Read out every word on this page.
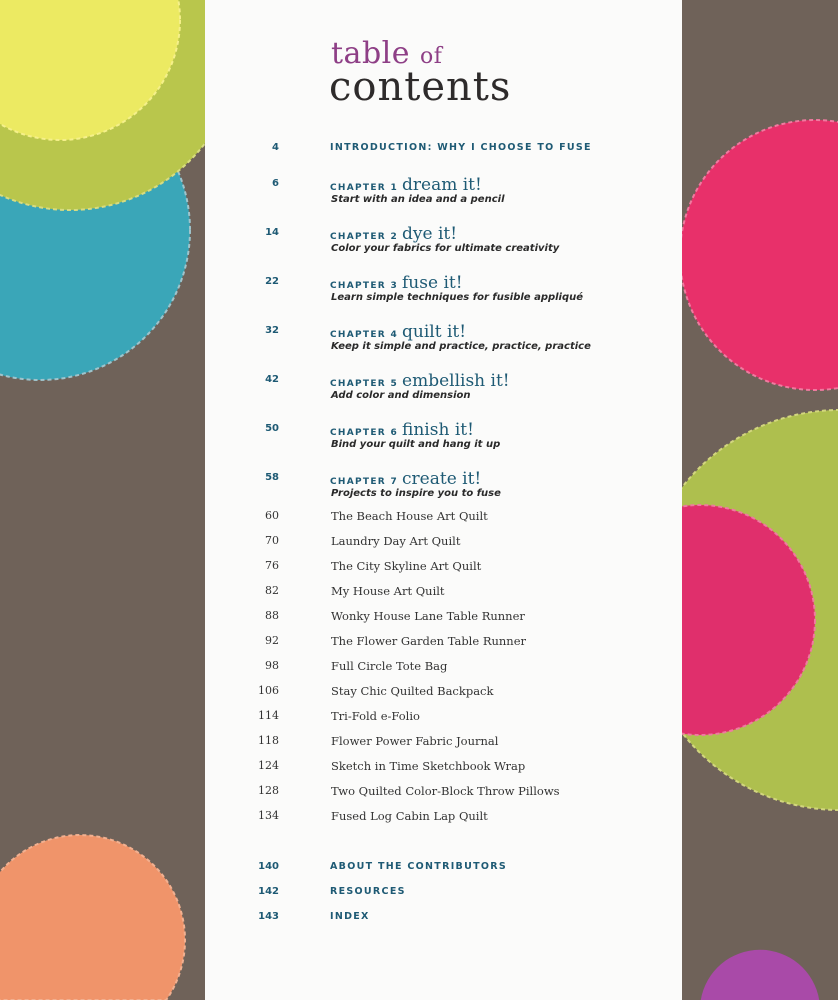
table of
contents
4	INTRODUCTION: WHY I CHOOSE TO FUSE
6	CHAPTER 1 dream it!
Start with an idea and a pencil
14	CHAPTER 2 dye it!
Color your fabrics for ultimate creativity
22	CHAPTER 3 fuse it!
Learn simple techniques for fusible appliqué
32	CHAPTER 4 quilt it!
Keep it simple and practice, practice, practice
42	CHAPTER 5 embellish it!
Add color and dimension
50	CHAPTER 6 finish it!
Bind your quilt and hang it up
58	CHAPTER 7 create it!
Projects to inspire you to fuse
60	The Beach House Art Quilt
70	Laundry Day Art Quilt
76	The City Skyline Art Quilt
82	My House Art Quilt
88	Wonky House Lane Table Runner
92	The Flower Garden Table Runner
98	Full Circle Tote Bag
106	Stay Chic Quilted Backpack
114	Tri-Fold e-Folio
118	Flower Power Fabric Journal
124	Sketch in Time Sketchbook Wrap
128	Two Quilted Color-Block Throw Pillows
134	Fused Log Cabin Lap Quilt
140	ABOUT THE CONTRIBUTORS
142	RESOURCES
143	INDEX
